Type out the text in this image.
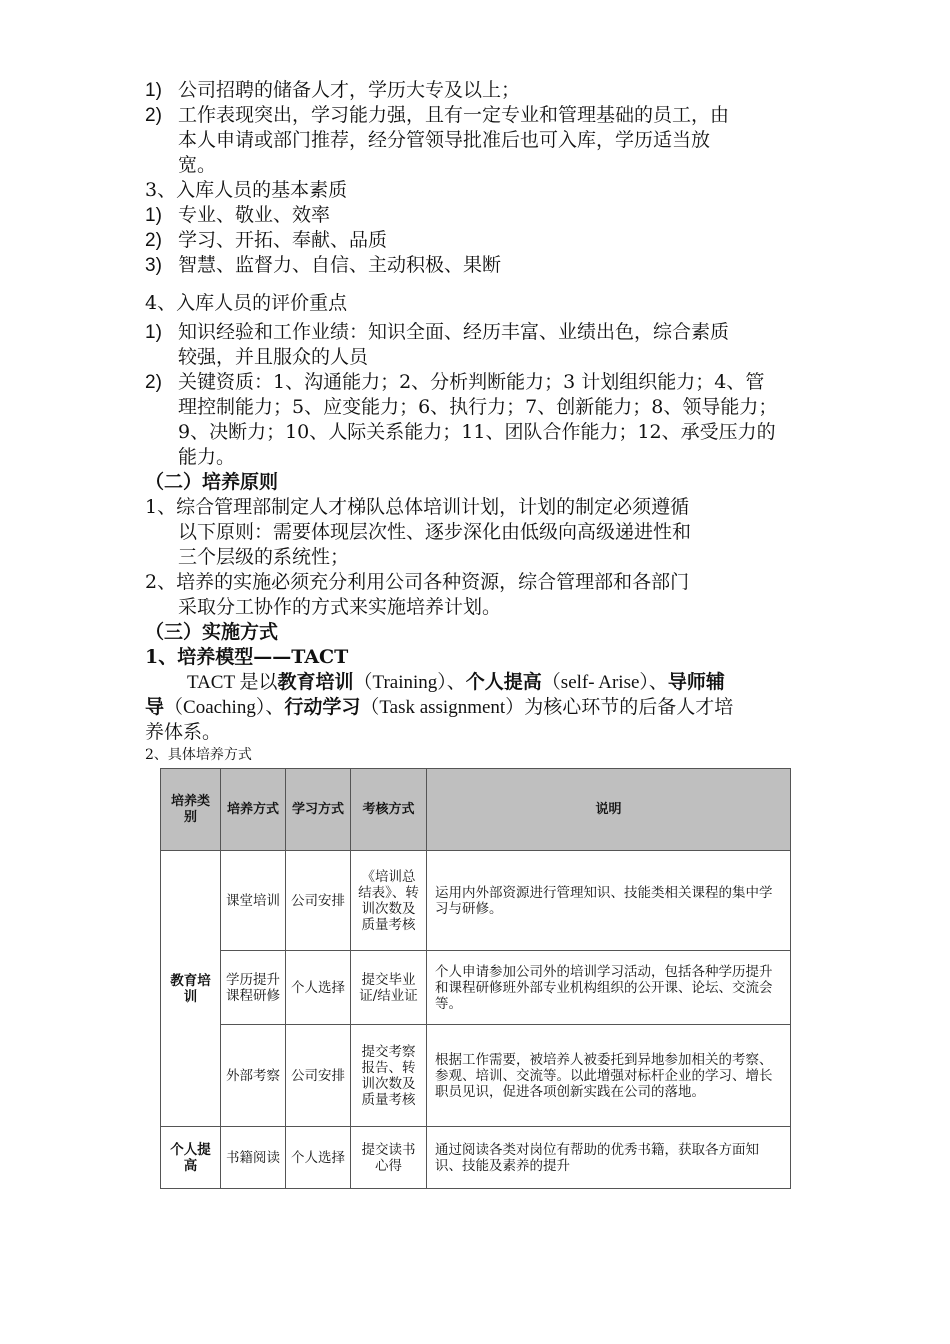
1) 公司招聘的储备人才，学历大专及以上；
2) 工作表现突出，学习能力强，且有一定专业和管理基础的员工，由
本人申请或部门推荐，经分管领导批准后也可入库，学历适当放
宽。
3、入库人员的基本素质
1) 专业、敬业、效率
2) 学习、开拓、奉献、品质
3) 智慧、监督力、自信、主动积极、果断
4、入库人员的评价重点
1) 知识经验和工作业绩：知识全面、经历丰富、业绩出色，综合素质
较强，并且服众的人员
2) 关键资质：1、沟通能力；2、分析判断能力；3 计划组织能力；4、管
理控制能力；5、应变能力；6、执行力；7、创新能力；8、领导能力；
9、决断力；10、人际关系能力；11、团队合作能力；12、承受压力的
能力。
（二）培养原则
1、综合管理部制定人才梯队总体培训计划，计划的制定必须遵循
以下原则：需要体现层次性、逐步深化由低级向高级递进性和
三个层级的系统性；
2、培养的实施必须充分利用公司各种资源，综合管理部和各部门
采取分工协作的方式来实施培养计划。
（三）实施方式
1、培养模型——TACT
TACT 是以教育培训（Training）、个人提高（self- Arise）、导师辅
导（Coaching）、行动学习（Task assignment）为核心环节的后备人才培
养体系。
2、具体培养方式
培养类别	培养方式	学习方式	考核方式	说明
教育培训	课堂培训	公司安排	《培训总结表》、转训次数及质量考核	运用内外部资源进行管理知识、技能类相关课程的集中学习与研修。
	学历提升课程研修	个人选择	提交毕业证/结业证	个人申请参加公司外的培训学习活动，包括各种学历提升和课程研修班外部专业机构组织的公开课、论坛、交流会等。
	外部考察	公司安排	提交考察报告、转训次数及质量考核	根据工作需要，被培养人被委托到异地参加相关的考察、参观、培训、交流等。以此增强对标杆企业的学习、增长职员见识，促进各项创新实践在公司的落地。
个人提高	书籍阅读	个人选择	提交读书心得	通过阅读各类对岗位有帮助的优秀书籍，获取各方面知识、技能及素养的提升
